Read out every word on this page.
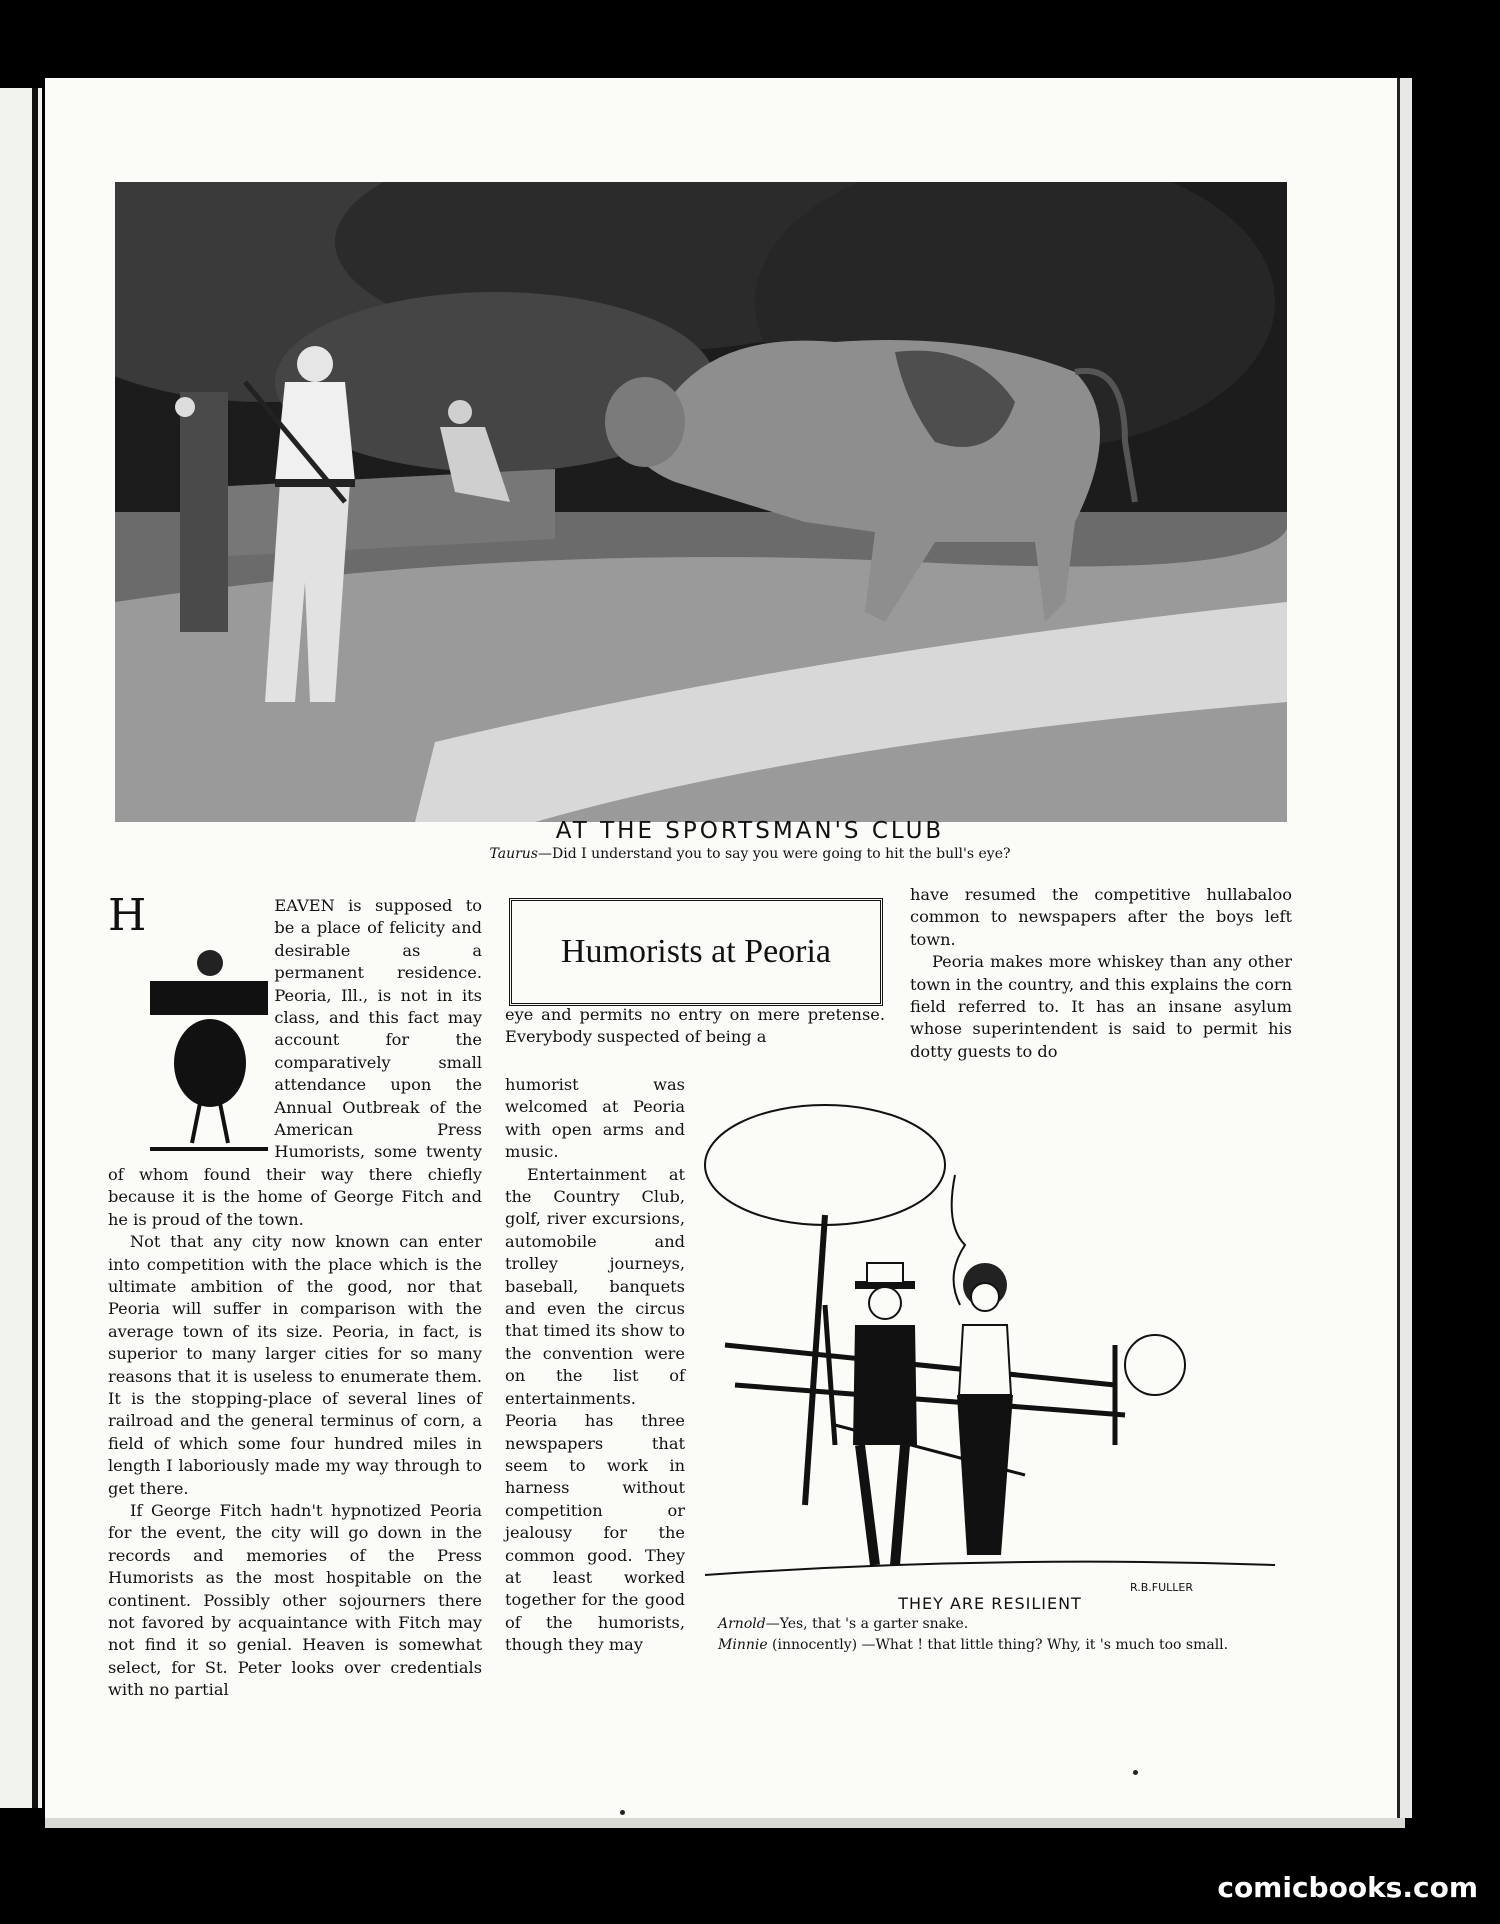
AT THE SPORTSMAN'S CLUB
Taurus—Did I understand you to say you were going to hit the bull's eye?

H	EAVEN is supposed to be a place of felicity and desirable as a permanent residence. Peoria, Ill., is not in its class, and this fact may account for the comparatively small attendance upon the Annual Outbreak of the American Press Humorists, some twenty of whom found their way there chiefly because it is the home of George Fitch and he is proud of the town.

Not that any city now known can enter into competition with the place which is the ultimate ambition of the good, nor that Peoria will suffer in comparison with the average town of its size. Peoria, in fact, is superior to many larger cities for so many reasons that it is useless to enumerate them. It is the stopping-place of several lines of railroad and the general terminus of corn, a field of which some four hundred miles in length I laboriously made my way through to get there.

If George Fitch hadn't hypnotized Peoria for the event, the city will go down in the records and memories of the Press Humorists as the most hospitable on the continent. Possibly other sojourners there not favored by acquaintance with Fitch may not find it so genial. Heaven is somewhat select, for St. Peter looks over credentials with no partial

Humorists at Peoria

eye and permits no entry on mere pretense. Everybody suspected of being a

humorist was welcomed at Peoria with open arms and music.

Entertainment at the Country Club, golf, river excursions, automobile and trolley journeys, baseball, banquets and even the circus that timed its show to the convention were on the list of entertainments. Peoria has three newspapers that seem to work in harness without competition or jealousy for the common good. They at least worked together for the good of the humorists, though they may

have resumed the competitive hullabaloo common to newspapers after the boys left town.

Peoria makes more whiskey than any other town in the country, and this explains the corn field referred to. It has an insane asylum whose superintendent is said to permit his dotty guests to do

R.B.FULLER
THEY ARE RESILIENT
Arnold—Yes, that 's a garter snake.
Minnie (innocently) —What ! that little thing? Why, it 's much too small.
comicbooks.com
